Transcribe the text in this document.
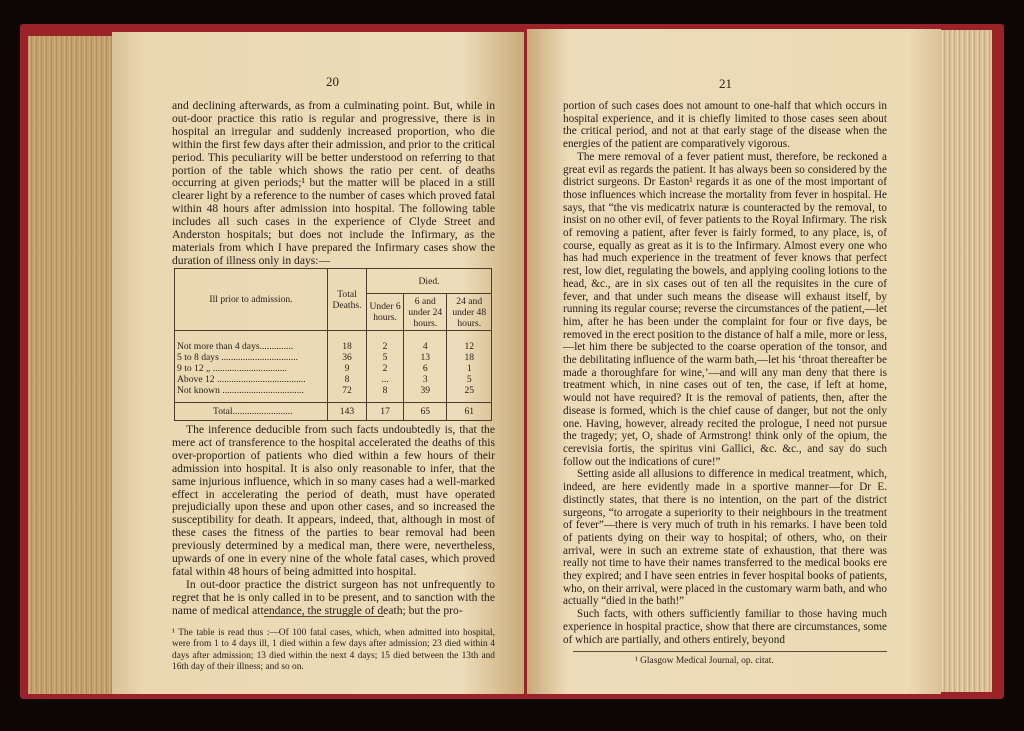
20

and declining afterwards, as from a culminating point. But, while in out-door practice this ratio is regular and progressive, there is in hospital an irregular and suddenly increased proportion, who die within the first few days after their admission, and prior to the critical period. This peculiarity will be better understood on referring to that portion of the table which shows the ratio per cent. of deaths occurring at given periods;¹ but the matter will be placed in a still clearer light by a reference to the number of cases which proved fatal within 48 hours after admission into hospital. The following table includes all such cases in the experience of Clyde Street and Anderston hospitals; but does not include the Infirmary, as the materials from which I have prepared the Infirmary cases show the duration of illness only in days:—

Ill prior to admission.	Total Deaths.	Died.		
		Under 6 hours.	6 and under 24 hours.	24 and under 48 hours.
Not more than 4 days..............	18	2	4	12
5 to 8 days ................................	36	5	13	18
9 to 12 „ ...............................	9	2	6	1
Above 12 .....................................	8	...	3	5
Not known ..................................	72	8	39	25
Total.........................	143	17	65	61

The inference deducible from such facts undoubtedly is, that the mere act of transference to the hospital accelerated the deaths of this over-proportion of patients who died within a few hours of their admission into hospital. It is also only reasonable to infer, that the same injurious influence, which in so many cases had a well-marked effect in accelerating the period of death, must have operated prejudicially upon these and upon other cases, and so increased the susceptibility for death. It appears, indeed, that, although in most of these cases the fitness of the parties to bear removal had been previously determined by a medical man, there were, nevertheless, upwards of one in every nine of the whole fatal cases, which proved fatal within 48 hours of being admitted into hospital.

In out-door practice the district surgeon has not unfrequently to regret that he is only called in to be present, and to sanction with the name of medical attendance, the struggle of death; but the pro-

¹ The table is read thus :—Of 100 fatal cases, which, when admitted into hospital, were from 1 to 4 days ill, 1 died within a few days after admission; 23 died within 4 days after admission; 13 died within the next 4 days; 15 died between the 13th and 16th day of their illness; and so on.

21

portion of such cases does not amount to one-half that which occurs in hospital experience, and it is chiefly limited to those cases seen about the critical period, and not at that early stage of the disease when the energies of the patient are comparatively vigorous.

The mere removal of a fever patient must, therefore, be reckoned a great evil as regards the patient. It has always been so considered by the district surgeons. Dr Easton¹ regards it as one of the most important of those influences which increase the mortality from fever in hospital. He says, that “the vis medicatrix naturæ is counteracted by the removal, to insist on no other evil, of fever patients to the Royal Infirmary. The risk of removing a patient, after fever is fairly formed, to any place, is, of course, equally as great as it is to the Infirmary. Almost every one who has had much experience in the treatment of fever knows that perfect rest, low diet, regulating the bowels, and applying cooling lotions to the head, &c., are in six cases out of ten all the requisites in the cure of fever, and that under such means the disease will exhaust itself, by running its regular course; reverse the circumstances of the patient,—let him, after he has been under the complaint for four or five days, be removed in the erect position to the distance of half a mile, more or less,—let him there be subjected to the coarse operation of the tonsor, and the debilitating influence of the warm bath,—let his ‘throat thereafter be made a thoroughfare for wine,’—and will any man deny that there is treatment which, in nine cases out of ten, the case, if left at home, would not have required? It is the removal of patients, then, after the disease is formed, which is the chief cause of danger, but not the only one. Having, however, already recited the prologue, I need not pursue the tragedy; yet, O, shade of Armstrong! think only of the opium, the cerevisia fortis, the spiritus vini Gallici, &c. &c., and say do such follow out the indications of cure!”

Setting aside all allusions to difference in medical treatment, which, indeed, are here evidently made in a sportive manner—for Dr E. distinctly states, that there is no intention, on the part of the district surgeons, “to arrogate a superiority to their neighbours in the treatment of fever”—there is very much of truth in his remarks. I have been told of patients dying on their way to hospital; of others, who, on their arrival, were in such an extreme state of exhaustion, that there was really not time to have their names transferred to the medical books ere they expired; and I have seen entries in fever hospital books of patients, who, on their arrival, were placed in the customary warm bath, and who actually “died in the bath!”

Such facts, with others sufficiently familiar to those having much experience in hospital practice, show that there are circumstances, some of which are partially, and others entirely, beyond

¹ Glasgow Medical Journal, op. citat.
